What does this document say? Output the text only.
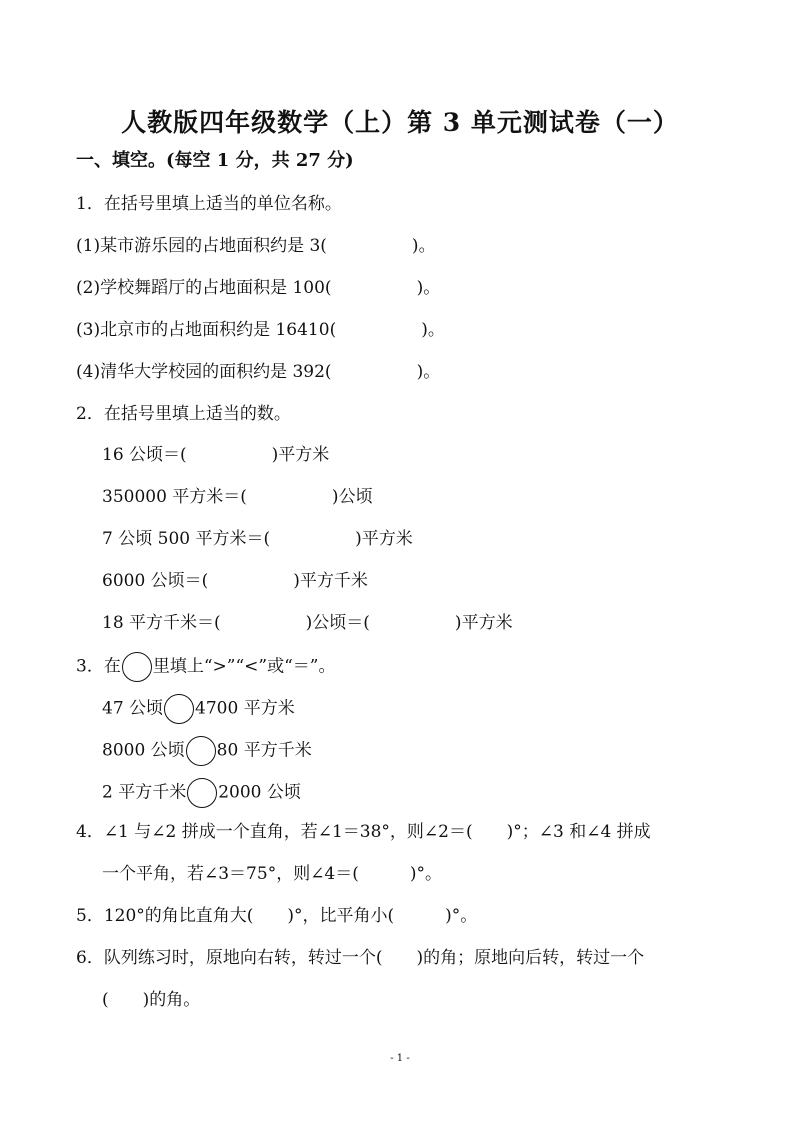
人教版四年级数学（上）第 3 单元测试卷（一）
一、填空。(每空 1 分，共 27 分)
1．在括号里填上适当的单位名称。
(1)某市游乐园的占地面积约是 3(　　　　　)。
(2)学校舞蹈厅的占地面积是 100(　　　　　)。
(3)北京市的占地面积约是 16410(　　　　　)。
(4)清华大学校园的面积约是 392(　　　　　)。
2．在括号里填上适当的数。
16 公顷＝(　　　　　)平方米
350000 平方米＝(　　　　　)公顷
7 公顷 500 平方米＝(　　　　　)平方米
6000 公顷＝(　　　　　)平方千米
18 平方千米＝(　　　　　)公顷＝(　　　　　)平方米
3．在 里填上“>”“<”或“＝”。
47 公顷 4700 平方米
8000 公顷 80 平方千米
2 平方千米 2000 公顷
4．∠1 与∠2 拼成一个直角，若∠1＝38°，则∠2＝(　　)°；∠3 和∠4 拼成
一个平角，若∠3＝75°，则∠4＝(　　　)°。
5．120°的角比直角大(　　)°，比平角小(　　　)°。
6．队列练习时，原地向右转，转过一个(　　)的角；原地向后转，转过一个
(　　)的角。
- 1 -
